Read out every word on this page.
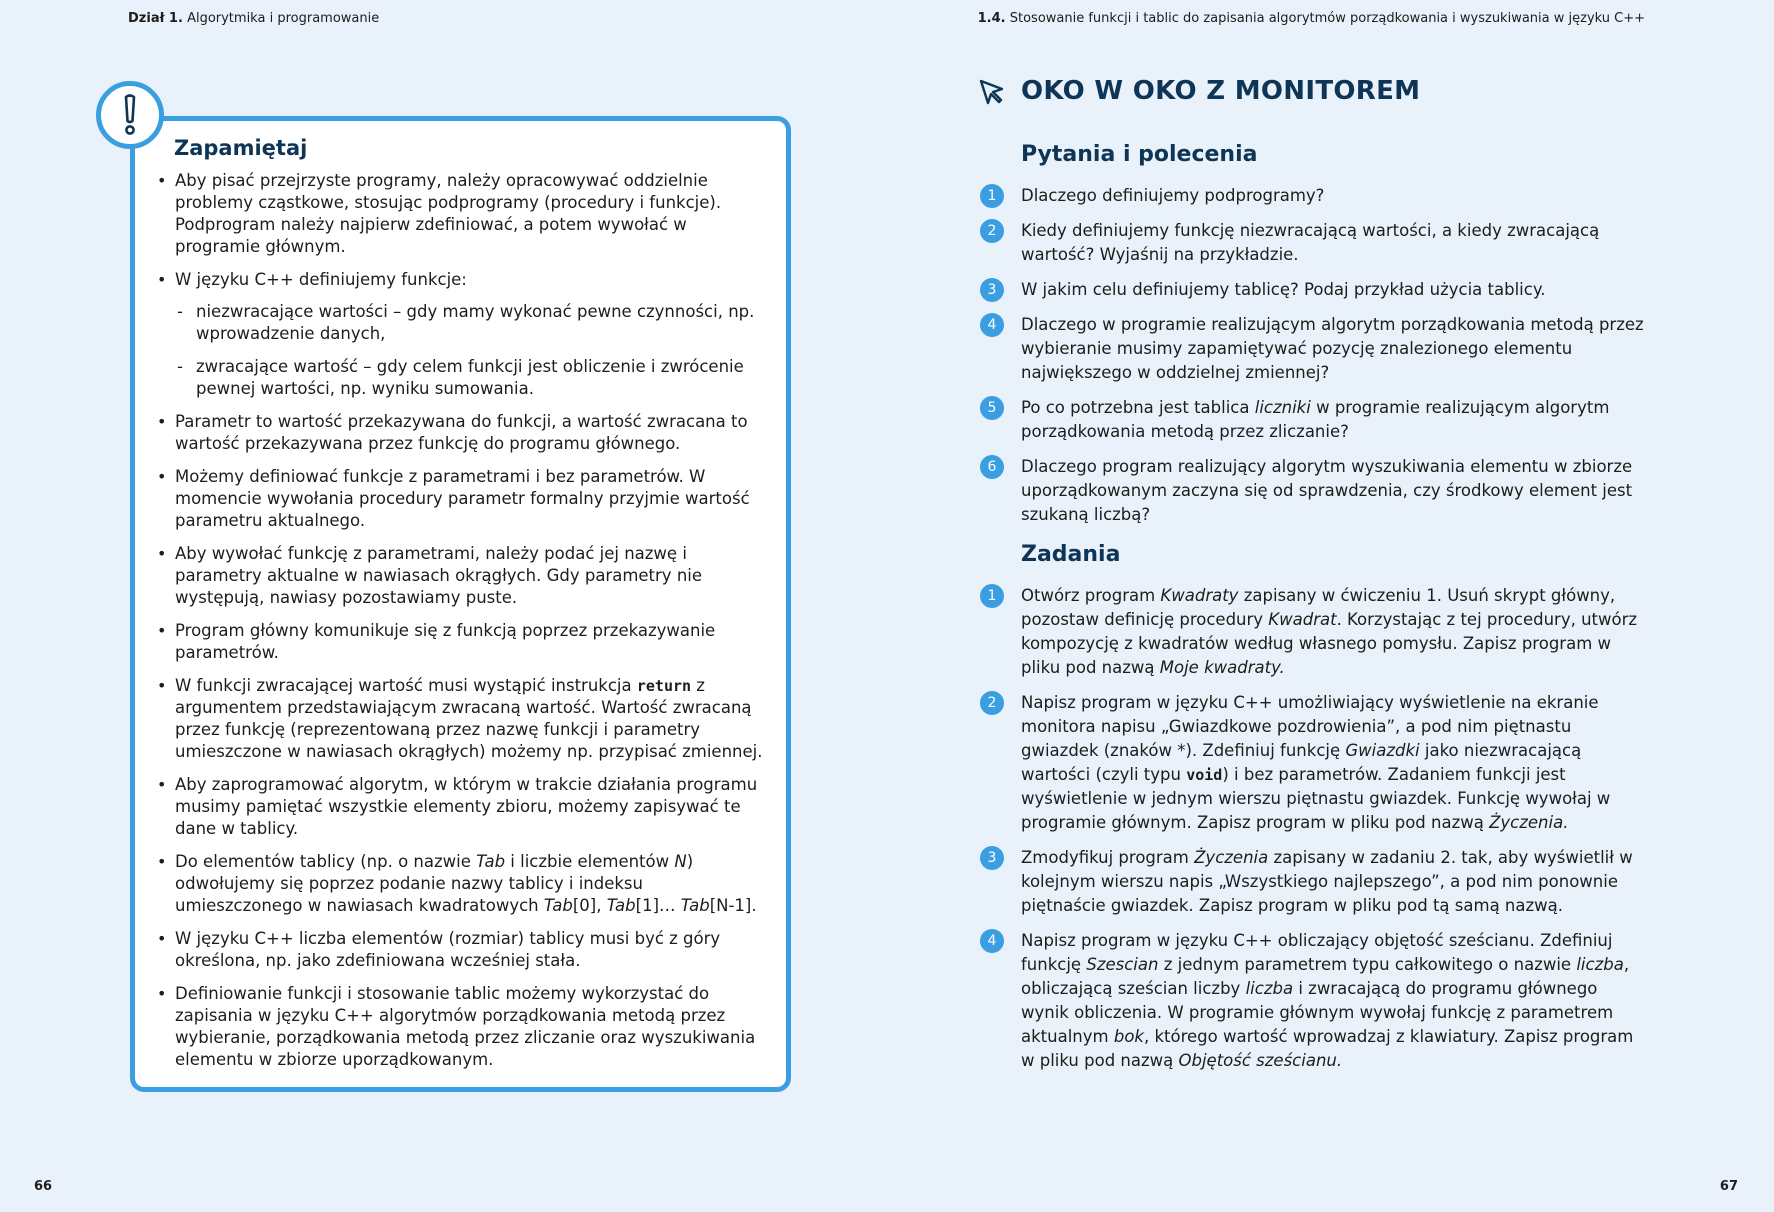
Dział 1. Algorytmika i programowanie	1.4. Stosowanie funkcji i tablic do zapisania algorytmów porządkowania i wyszukiwania w języku C++
Zapamiętaj
• Aby pisać przejrzyste programy, należy opracowywać oddzielnie problemy cząstkowe, stosując podprogramy (procedury i funkcje). Podprogram należy najpierw zdefiniować, a potem wywołać w programie głównym.
• W języku C++ definiujemy funkcje:
- niezwracające wartości – gdy mamy wykonać pewne czynności, np. wprowadzenie danych,
- zwracające wartość – gdy celem funkcji jest obliczenie i zwrócenie pewnej wartości, np. wyniku sumowania.
• Parametr to wartość przekazywana do funkcji, a wartość zwracana to wartość przekazywana przez funkcję do programu głównego.
• Możemy definiować funkcje z parametrami i bez parametrów. W momencie wywołania procedury parametr formalny przyjmie wartość parametru aktualnego.
• Aby wywołać funkcję z parametrami, należy podać jej nazwę i parametry aktualne w nawiasach okrągłych. Gdy parametry nie występują, nawiasy pozostawiamy puste.
• Program główny komunikuje się z funkcją poprzez przekazywanie parametrów.
• W funkcji zwracającej wartość musi wystąpić instrukcja return z argumentem przedstawiającym zwracaną wartość. Wartość zwracaną przez funkcję (reprezentowaną przez nazwę funkcji i parametry umieszczone w nawiasach okrągłych) możemy np. przypisać zmiennej.
• Aby zaprogramować algorytm, w którym w trakcie działania programu musimy pamiętać wszystkie elementy zbioru, możemy zapisywać te dane w tablicy.
• Do elementów tablicy (np. o nazwie Tab i liczbie elementów N) odwołujemy się poprzez podanie nazwy tablicy i indeksu umieszczonego w nawiasach kwadratowych Tab[0], Tab[1]… Tab[N-1].
• W języku C++ liczba elementów (rozmiar) tablicy musi być z góry określona, np. jako zdefiniowana wcześniej stała.
• Definiowanie funkcji i stosowanie tablic możemy wykorzystać do zapisania w języku C++ algorytmów porządkowania metodą przez wybieranie, porządkowania metodą przez zliczanie oraz wyszukiwania elementu w zbiorze uporządkowanym.
OKO W OKO Z MONITOREM
Pytania i polecenia
1	Dlaczego definiujemy podprogramy?
2	Kiedy definiujemy funkcję niezwracającą wartości, a kiedy zwracającą wartość? Wyjaśnij na przykładzie.
3	W jakim celu definiujemy tablicę? Podaj przykład użycia tablicy.
4	Dlaczego w programie realizującym algorytm porządkowania metodą przez wybieranie musimy zapamiętywać pozycję znalezionego elementu największego w oddzielnej zmiennej?
5	Po co potrzebna jest tablica liczniki w programie realizującym algorytm porządkowania metodą przez zliczanie?
6	Dlaczego program realizujący algorytm wyszukiwania elementu w zbiorze uporządkowanym zaczyna się od sprawdzenia, czy środkowy element jest szukaną liczbą?
Zadania
1	Otwórz program Kwadraty zapisany w ćwiczeniu 1. Usuń skrypt główny, pozostaw definicję procedury Kwadrat. Korzystając z tej procedury, utwórz kompozycję z kwadratów według własnego pomysłu. Zapisz program w pliku pod nazwą Moje kwadraty.
2	Napisz program w języku C++ umożliwiający wyświetlenie na ekranie monitora napisu „Gwiazdkowe pozdrowienia”, a pod nim piętnastu gwiazdek (znaków *). Zdefiniuj funkcję Gwiazdki jako niezwracającą wartości (czyli typu void) i bez parametrów. Zadaniem funkcji jest wyświetlenie w jednym wierszu piętnastu gwiazdek. Funkcję wywołaj w programie głównym. Zapisz program w pliku pod nazwą Życzenia.
3	Zmodyfikuj program Życzenia zapisany w zadaniu 2. tak, aby wyświetlił w kolejnym wierszu napis „Wszystkiego najlepszego”, a pod nim ponownie piętnaście gwiazdek. Zapisz program w pliku pod tą samą nazwą.
4	Napisz program w języku C++ obliczający objętość sześcianu. Zdefiniuj funkcję Szescian z jednym parametrem typu całkowitego o nazwie liczba, obliczającą sześcian liczby liczba i zwracającą do programu głównego wynik obliczenia. W programie głównym wywołaj funkcję z parametrem aktualnym bok, którego wartość wprowadzaj z klawiatury. Zapisz program w pliku pod nazwą Objętość sześcianu.
66	67
